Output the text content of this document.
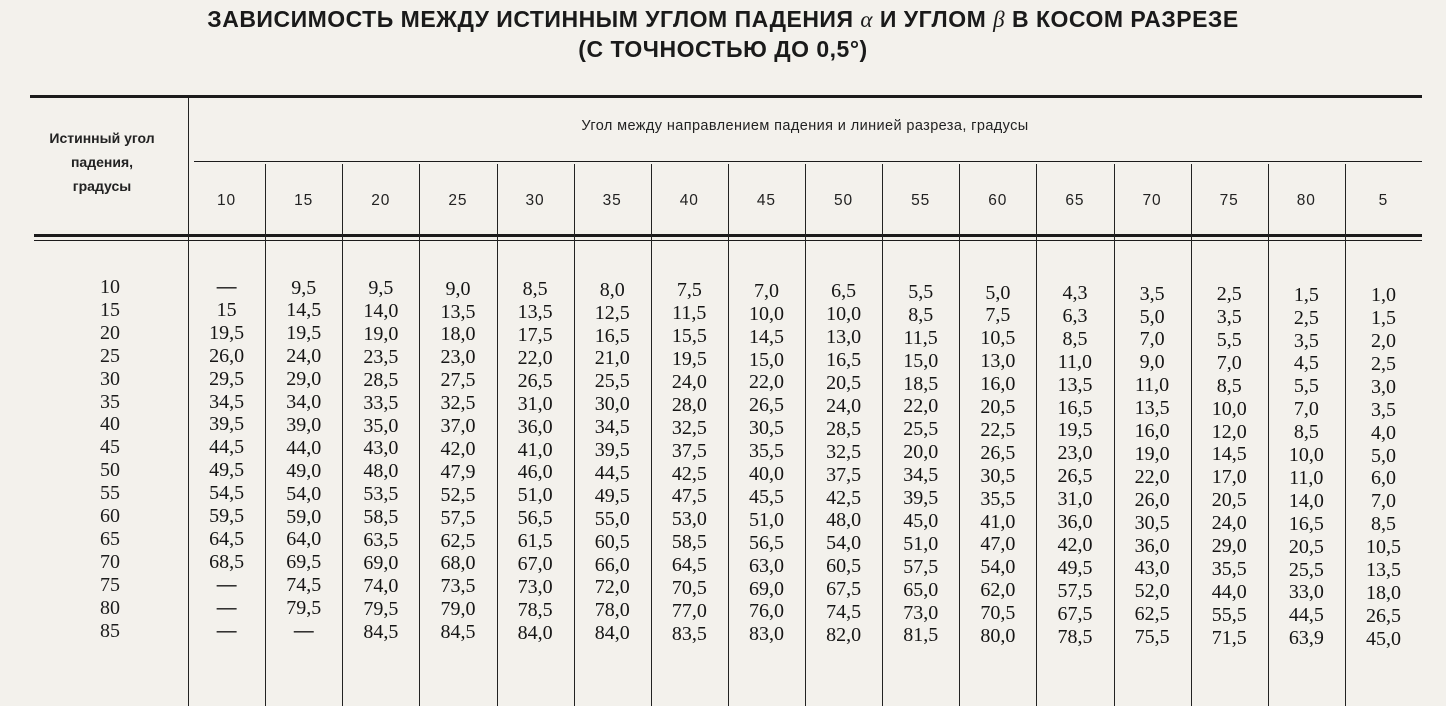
ЗАВИСИМОСТЬ МЕЖДУ ИСТИННЫМ УГЛОМ ПАДЕНИЯ α И УГЛОМ β В КОСОМ РАЗРЕЗЕ
(С ТОЧНОСТЬЮ ДО 0,5°)
Истинный угол
падения,
градусы
Угол между направлением падения и линией разреза, градусы
10	15	20	25	30	35	40	45	50	55	60	65	70	75	80	5
10	—	9,5	9,5	9,0	8,5	8,0	7,5	7,0	6,5	5,5	5,0	4,3	3,5	2,5	1,5	1,0
15	15	14,5	14,0	13,5	13,5	12,5	11,5	10,0	10,0	8,5	7,5	6,3	5,0	3,5	2,5	1,5
20	19,5	19,5	19,0	18,0	17,5	16,5	15,5	14,5	13,0	11,5	10,5	8,5	7,0	5,5	3,5	2,0
25	26,0	24,0	23,5	23,0	22,0	21,0	19,5	15,0	16,5	15,0	13,0	11,0	9,0	7,0	4,5	2,5
30	29,5	29,0	28,5	27,5	26,5	25,5	24,0	22,0	20,5	18,5	16,0	13,5	11,0	8,5	5,5	3,0
35	34,5	34,0	33,5	32,5	31,0	30,0	28,0	26,5	24,0	22,0	20,5	16,5	13,5	10,0	7,0	3,5
40	39,5	39,0	35,0	37,0	36,0	34,5	32,5	30,5	28,5	25,5	22,5	19,5	16,0	12,0	8,5	4,0
45	44,5	44,0	43,0	42,0	41,0	39,5	37,5	35,5	32,5	20,0	26,5	23,0	19,0	14,5	10,0	5,0
50	49,5	49,0	48,0	47,9	46,0	44,5	42,5	40,0	37,5	34,5	30,5	26,5	22,0	17,0	11,0	6,0
55	54,5	54,0	53,5	52,5	51,0	49,5	47,5	45,5	42,5	39,5	35,5	31,0	26,0	20,5	14,0	7,0
60	59,5	59,0	58,5	57,5	56,5	55,0	53,0	51,0	48,0	45,0	41,0	36,0	30,5	24,0	16,5	8,5
65	64,5	64,0	63,5	62,5	61,5	60,5	58,5	56,5	54,0	51,0	47,0	42,0	36,0	29,0	20,5	10,5
70	68,5	69,5	69,0	68,0	67,0	66,0	64,5	63,0	60,5	57,5	54,0	49,5	43,0	35,5	25,5	13,5
75	—	74,5	74,0	73,5	73,0	72,0	70,5	69,0	67,5	65,0	62,0	57,5	52,0	44,0	33,0	18,0
80	—	79,5	79,5	79,0	78,5	78,0	77,0	76,0	74,5	73,0	70,5	67,5	62,5	55,5	44,5	26,5
85	—	—	84,5	84,5	84,0	84,0	83,5	83,0	82,0	81,5	80,0	78,5	75,5	71,5	63,9	45,0
